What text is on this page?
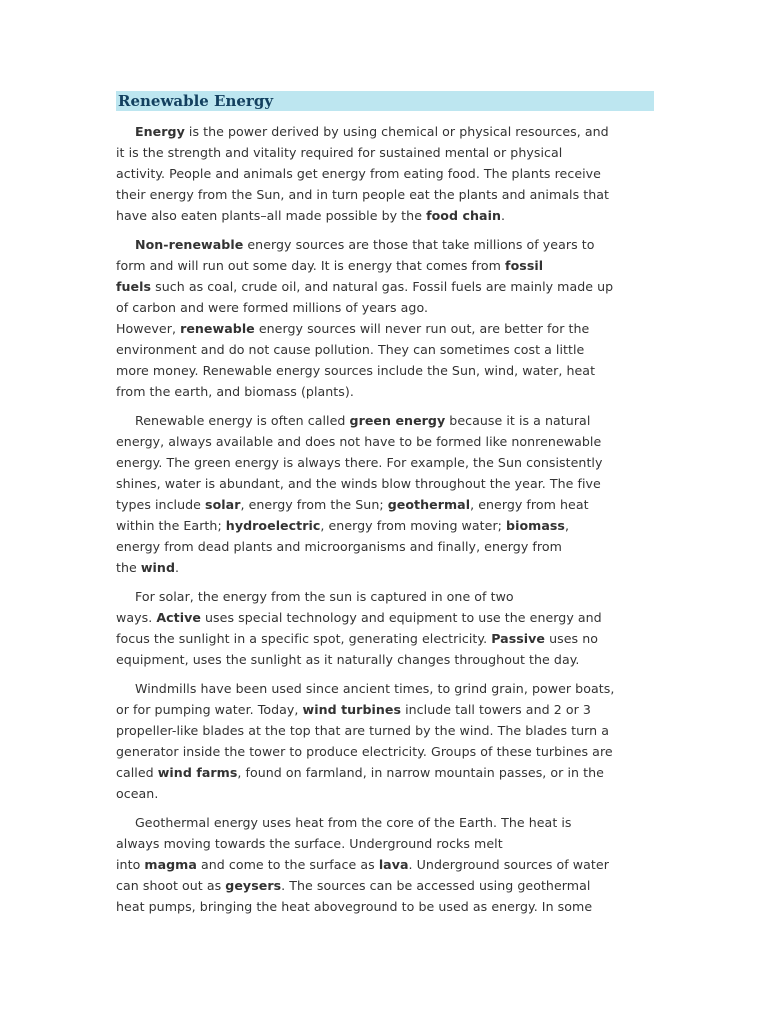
Renewable Energy

Energy is the power derived by using chemical or physical resources, and
it is the strength and vitality required for sustained mental or physical
activity. People and animals get energy from eating food. The plants receive
their energy from the Sun, and in turn people eat the plants and animals that
have also eaten plants–all made possible by the food chain.

Non-renewable energy sources are those that take millions of years to
form and will run out some day. It is energy that comes from fossil
fuels such as coal, crude oil, and natural gas. Fossil fuels are mainly made up
of carbon and were formed millions of years ago.
However, renewable energy sources will never run out, are better for the
environment and do not cause pollution. They can sometimes cost a little
more money. Renewable energy sources include the Sun, wind, water, heat
from the earth, and biomass (plants).

Renewable energy is often called green energy because it is a natural
energy, always available and does not have to be formed like nonrenewable
energy. The green energy is always there. For example, the Sun consistently
shines, water is abundant, and the winds blow throughout the year. The five
types include solar, energy from the Sun; geothermal, energy from heat
within the Earth; hydroelectric, energy from moving water; biomass,
energy from dead plants and microorganisms and finally, energy from
the wind.

For solar, the energy from the sun is captured in one of two
ways. Active uses special technology and equipment to use the energy and
focus the sunlight in a specific spot, generating electricity. Passive uses no
equipment, uses the sunlight as it naturally changes throughout the day.

Windmills have been used since ancient times, to grind grain, power boats,
or for pumping water. Today, wind turbines include tall towers and 2 or 3
propeller-like blades at the top that are turned by the wind. The blades turn a
generator inside the tower to produce electricity. Groups of these turbines are
called wind farms, found on farmland, in narrow mountain passes, or in the
ocean.

Geothermal energy uses heat from the core of the Earth. The heat is
always moving towards the surface. Underground rocks melt
into magma and come to the surface as lava. Underground sources of water
can shoot out as geysers. The sources can be accessed using geothermal
heat pumps, bringing the heat aboveground to be used as energy. In some
